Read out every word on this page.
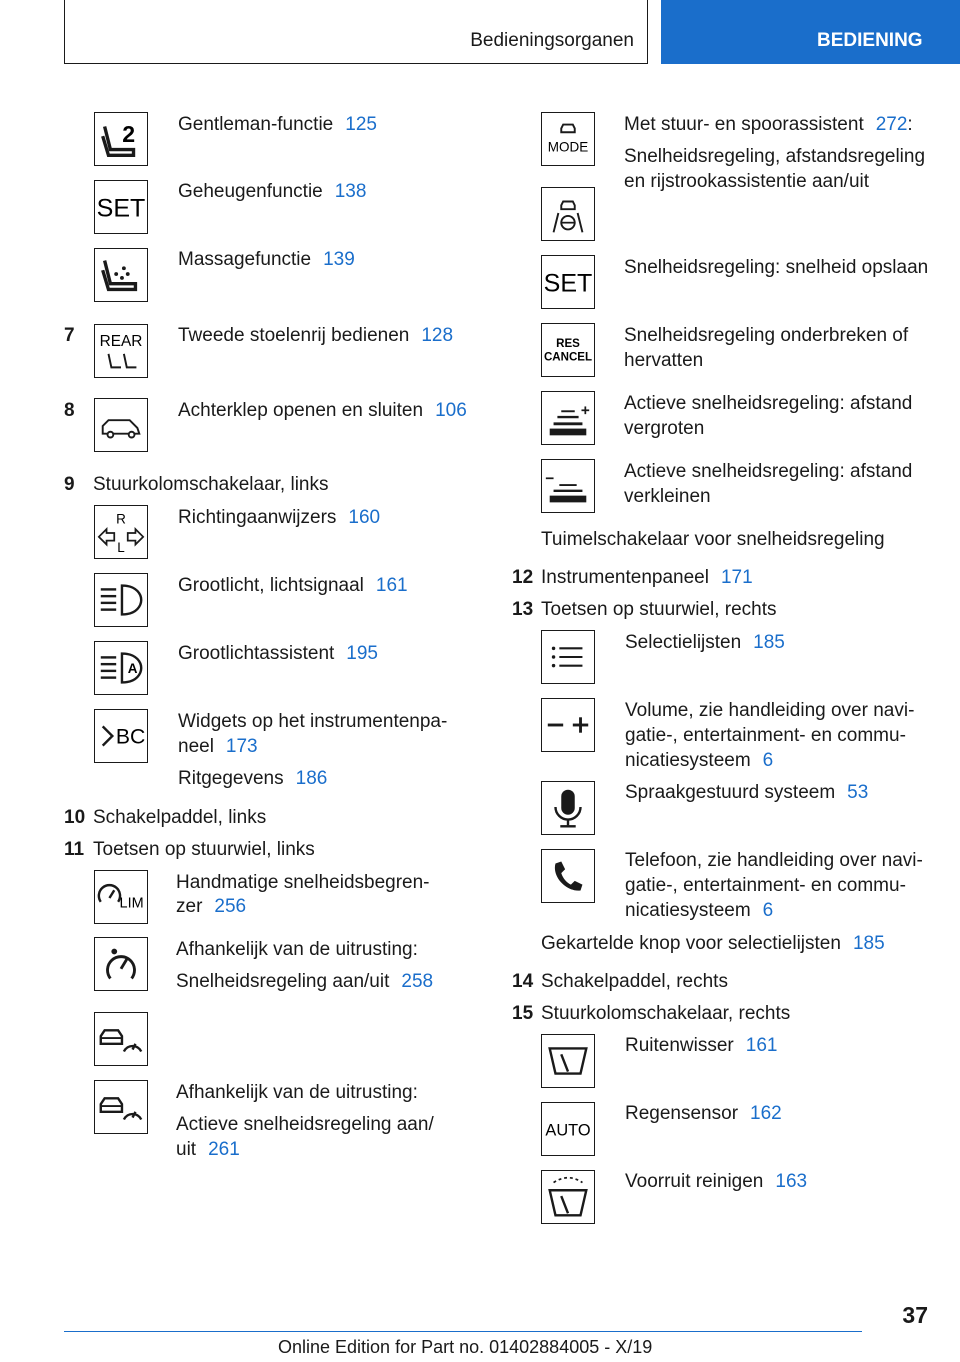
Bedieningsorganen	BEDIENING
2 Gentleman-functie 125
SET
Geheugenfunctie 138
Massagefunctie 139
7 REAR Tweede stoelenrij bedienen 128
8	Achterklep openen en sluiten 106
9 Stuurkolomschakelaar, links
R
L
Richtingaanwijzers 160
Grootlicht, lichtsignaal 161
A
Grootlichtassistent 195
BC
Widgets op het instrumentenpa-
neel 173
Ritgegevens 186
10 Schakelpaddel, links
11 Toetsen op stuurwiel, links
LIM
Handmatige snelheidsbegren-
zer 256
Afhankelijk van de uitrusting:
Snelheidsregeling aan/uit 258
Afhankelijk van de uitrusting:
Actieve snelheidsregeling aan/
uit 261
MODE
Met stuur- en spoorassistent 272:
Snelheidsregeling, afstandsregeling
en rijstrookassistentie aan/uit
SET
Snelheidsregeling: snelheid opslaan
RES
CANCEL
Snelheidsregeling onderbreken of
hervatten
Actieve snelheidsregeling: afstand
vergroten
Actieve snelheidsregeling: afstand
verkleinen
Tuimelschakelaar voor snelheidsregeling
12 Instrumentenpaneel 171
13 Toetsen op stuurwiel, rechts
Selectielijsten 185
Volume, zie handleiding over navi-
gatie-, entertainment- en commu-
nicatiesysteem 6
Spraakgestuurd systeem 53
Telefoon, zie handleiding over navi-
gatie-, entertainment- en commu-
nicatiesysteem 6
Gekartelde knop voor selectielijsten 185
14 Schakelpaddel, rechts
15 Stuurkolomschakelaar, rechts
Ruitenwisser 161
AUTO
Regensensor 162
Voorruit reinigen 163
37
Online Edition for Part no. 01402884005 - X/19
